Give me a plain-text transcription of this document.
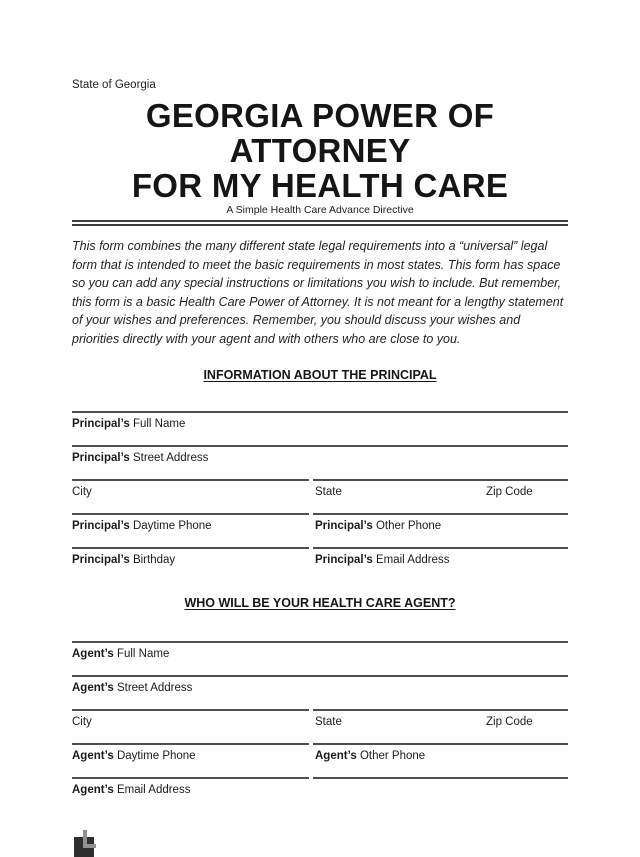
State of Georgia
GEORGIA POWER OF ATTORNEY
FOR MY HEALTH CARE
A Simple Health Care Advance Directive
This form combines the many different state legal requirements into a “universal” legal form that is intended to meet the basic requirements in most states. This form has space so you can add any special instructions or limitations you wish to include. But remember, this form is a basic Health Care Power of Attorney. It is not meant for a lengthy statement of your wishes and preferences. Remember, you should discuss your wishes and priorities directly with your agent and with others who are close to you.
INFORMATION ABOUT THE PRINCIPAL
Principal’s Full Name
Principal’s Street Address
City	State	Zip Code
Principal’s Daytime Phone	Principal’s Other Phone
Principal’s Birthday	Principal’s Email Address
WHO WILL BE YOUR HEALTH CARE AGENT?
Agent’s Full Name
Agent’s Street Address
City	State	Zip Code
Agent’s Daytime Phone	Agent’s Other Phone
Agent’s Email Address
